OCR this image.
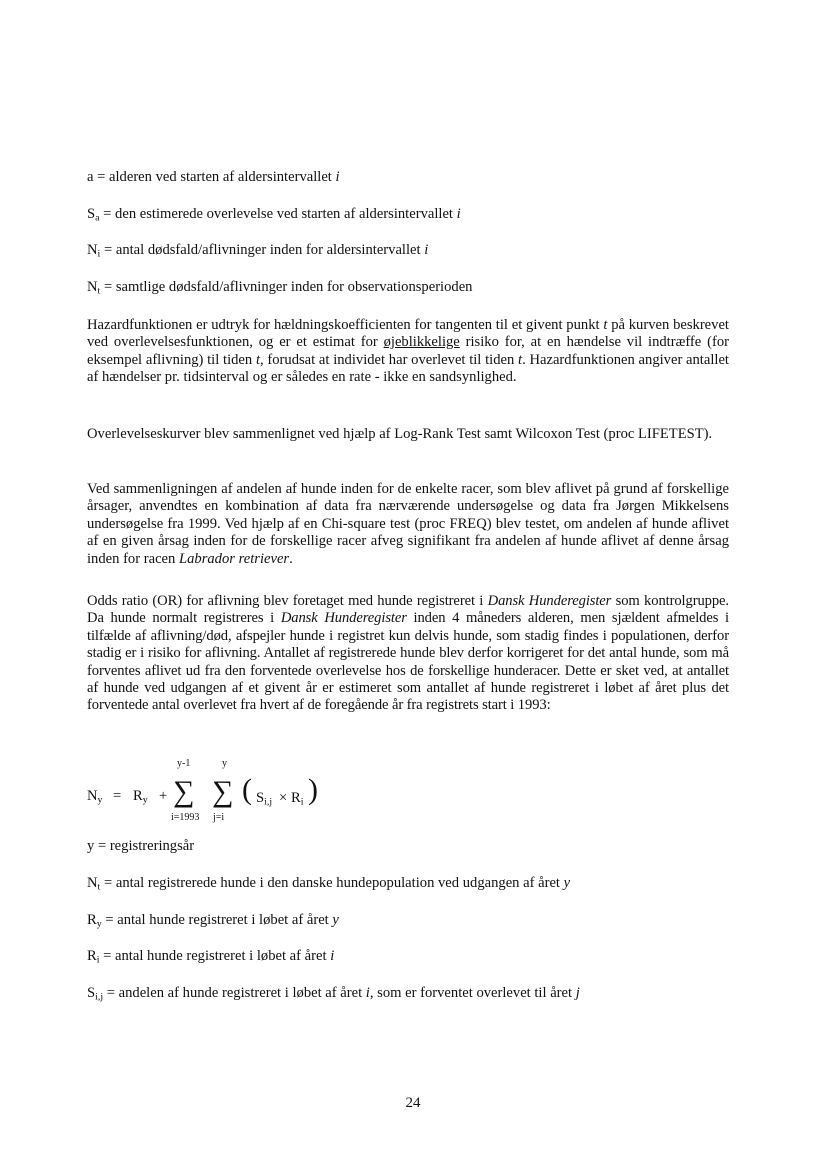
a = alderen ved starten af aldersintervallet i
$S_a$ = den estimerede overlevelse ved starten af aldersintervallet i
$N_i$ = antal dødsfald/aflivninger inden for aldersintervallet i
$N_t$ = samtlige dødsfald/aflivninger inden for observationsperioden
Hazardfunktionen er udtryk for hældningskoefficienten for tangenten til et givent punkt t på kurven beskrevet ved overlevelsesfunktionen, og er et estimat for øjeblikkelige risiko for, at en hændelse vil indtræffe (for eksempel aflivning) til tiden t, forudsat at individet har overlevet til tiden t. Hazardfunktionen angiver antallet af hændelser pr. tidsinterval og er således en rate - ikke en sandsynlighed.
Overlevelseskurver blev sammenlignet ved hjælp af Log-Rank Test samt Wilcoxon Test (proc LIFETEST).
Ved sammenligningen af andelen af hunde inden for de enkelte racer, som blev aflivet på grund af forskellige årsager, anvendtes en kombination af data fra nærværende undersøgelse og data fra Jørgen Mikkelsens undersøgelse fra 1999. Ved hjælp af en Chi-square test (proc FREQ) blev testet, om andelen af hunde aflivet af en given årsag inden for de forskellige racer afveg signifikant fra andelen af hunde aflivet af denne årsag inden for racen Labrador retriever.
Odds ratio (OR) for aflivning blev foretaget med hunde registreret i Dansk Hunderegister som kontrolgruppe. Da hunde normalt registreres i Dansk Hunderegister inden 4 måneders alderen, men sjældent afmeldes i tilfælde af aflivning/død, afspejler hunde i registret kun delvis hunde, som stadig findes i populationen, derfor stadig er i risiko for aflivning. Antallet af registrerede hunde blev derfor korrigeret for det antal hunde, som må forventes aflivet ud fra den forventede overlevelse hos de forskellige hunderacer. Dette er sket ved, at antallet af hunde ved udgangen af et givent år er estimeret som antallet af hunde registreret i løbet af året plus det forventede antal overlevet fra hvert af de foregående år fra registrets start i 1993:
$N_y = R_y$ +
y-1
∑
i=1993
y
∑
j=i
( $S_{i,j} \times R_i$ )
y = registreringsår
$N_t$ = antal registrerede hunde i den danske hundepopulation ved udgangen af året y
$R_y$ = antal hunde registreret i løbet af året y
$R_i$ = antal hunde registreret i løbet af året i
$S_{i,j}$ = andelen af hunde registreret i løbet af året i, som er forventet overlevet til året j
24
